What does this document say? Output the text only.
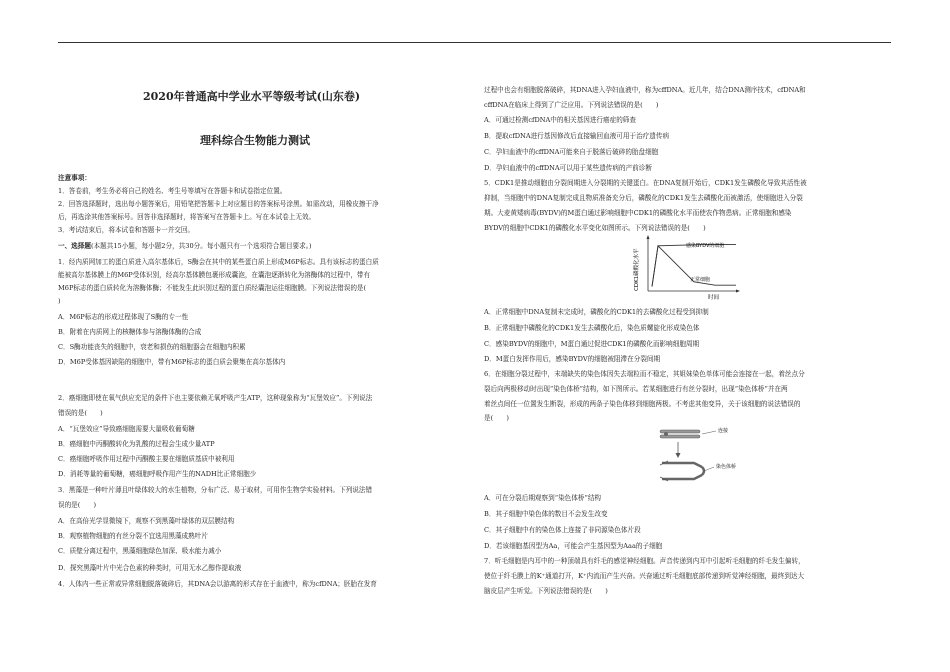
2020年普通高中学业水平等级考试(山东卷)
理科综合生物能力测试
注意事项：
1．答卷前，考生务必将自己的姓名、考生号等填写在答题卡和试卷指定位置。
2．回答选择题时，选出每小题答案后，用铅笔把答题卡上对应题目的答案标号涂黑。如需改动，用橡皮擦干净
后，再选涂其他答案标号。回答非选择题时，将答案写在答题卡上。写在本试卷上无效。
3．考试结束后，将本试卷和答题卡一并交回。
一、选择题(本题共15小题，每小题2分，共30分。每小题只有一个选项符合题目要求。)
1．经内质网加工的蛋白质进入高尔基体后，S酶会在其中的某些蛋白质上形成M6P标志。具有该标志的蛋白质
能被高尔基体膜上的M6P受体识别，经高尔基体膜包裹形成囊泡，在囊泡逐渐转化为溶酶体的过程中，带有
M6P标志的蛋白质转化为溶酶体酶；不能发生此识别过程的蛋白质经囊泡运往细胞膜。下列说法错误的是(
)
A．M6P标志的形成过程体现了S酶的专一性
B．附着在内质网上的核糖体参与溶酶体酶的合成
C．S酶功能丧失的细胞中，衰老和损伤的细胞器会在细胞内积累
D．M6P受体基因缺陷的细胞中，带有M6P标志的蛋白质会聚集在高尔基体内
2．癌细胞即使在氧气供应充足的条件下也主要依赖无氧呼吸产生ATP，这种现象称为“瓦堡效应”。下列说法
错误的是(　　)
A．“瓦堡效应”导致癌细胞需要大量吸收葡萄糖
B．癌细胞中丙酮酸转化为乳酸的过程会生成少量ATP
C．癌细胞呼吸作用过程中丙酮酸主要在细胞质基质中被利用
D．消耗等量的葡萄糖，癌细胞呼吸作用产生的NADH比正常细胞少
3．黑藻是一种叶片薄且叶绿体较大的水生植物，分布广泛、易于取材，可用作生物学实验材料。下列说法错
误的是(　　)
A．在高倍光学显微镜下，观察不到黑藻叶绿体的双层膜结构
B．观察植物细胞的有丝分裂不宜选用黑藻成熟叶片
C．质壁分离过程中，黑藻细胞绿色加深、吸水能力减小
D．探究黑藻叶片中光合色素的种类时，可用无水乙醇作提取液
4．人体内一些正常或异常细胞脱落破碎后，其DNA会以游离的形式存在于血液中，称为cfDNA；胚胎在发育
过程中也会有细胞脱落破碎，其DNA进入孕妇血液中，称为cffDNA。近几年，结合DNA测序技术，cfDNA和
cffDNA在临床上得到了广泛应用。下列说法错误的是(　　)
A．可通过检测cfDNA中的相关基因进行癌症的筛查
B．提取cfDNA进行基因修改后直接输回血液可用于治疗遗传病
C．孕妇血液中的cffDNA可能来自于脱落后破碎的胎盘细胞
D．孕妇血液中的cffDNA可以用于某些遗传病的产前诊断
5．CDK1是推动细胞由分裂间期进入分裂期的关键蛋白。在DNA复制开始后，CDK1发生磷酸化导致其活性被
抑制，当细胞中的DNA复制完成且物质准备充分后，磷酸化的CDK1发生去磷酸化而被激活，使细胞进入分裂
期。大麦黄矮病毒(BYDV)的M蛋白通过影响细胞中CDK1的磷酸化水平而使农作物患病。正常细胞和感染
BYDV的细胞中CDK1的磷酸化水平变化如图所示。下列说法错误的是(　　)
CDK1磷酸化水平
时间
感染BYDV的细胞
正常细胞
A．正常细胞中DNA复制未完成时，磷酸化的CDK1的去磷酸化过程受到抑制
B．正常细胞中磷酸化的CDK1发生去磷酸化后，染色质螺旋化形成染色体
C．感染BYDV的细胞中，M蛋白通过促进CDK1的磷酸化而影响细胞周期
D．M蛋白发挥作用后，感染BYDV的细胞被阻滞在分裂间期
6．在细胞分裂过程中，末端缺失的染色体因失去端粒而不稳定，其姐妹染色单体可能会连接在一起，着丝点分
裂后向两极移动时出现“染色体桥”结构，如下图所示。若某细胞进行有丝分裂时，出现“染色体桥”并在两
着丝点间任一位置发生断裂，形成的两条子染色体移到细胞两极。不考虑其他变异，关于该细胞的说法错误的
是(　　)
连接
染色体桥
A．可在分裂后期观察到“染色体桥”结构
B．其子细胞中染色体的数目不会发生改变
C．其子细胞中有的染色体上连接了非同源染色体片段
D．若该细胞基因型为Aa，可能会产生基因型为Aaa的子细胞
7．听毛细胞是内耳中的一种顶端具有纤毛的感觉神经细胞。声音传递到内耳中引起听毛细胞的纤毛发生偏转，
使位于纤毛膜上的K⁺通道打开，K⁺内流而产生兴奋。兴奋通过听毛细胞底部传递到听觉神经细胞，最终到达大
脑皮层产生听觉。下列说法错误的是(　　)
